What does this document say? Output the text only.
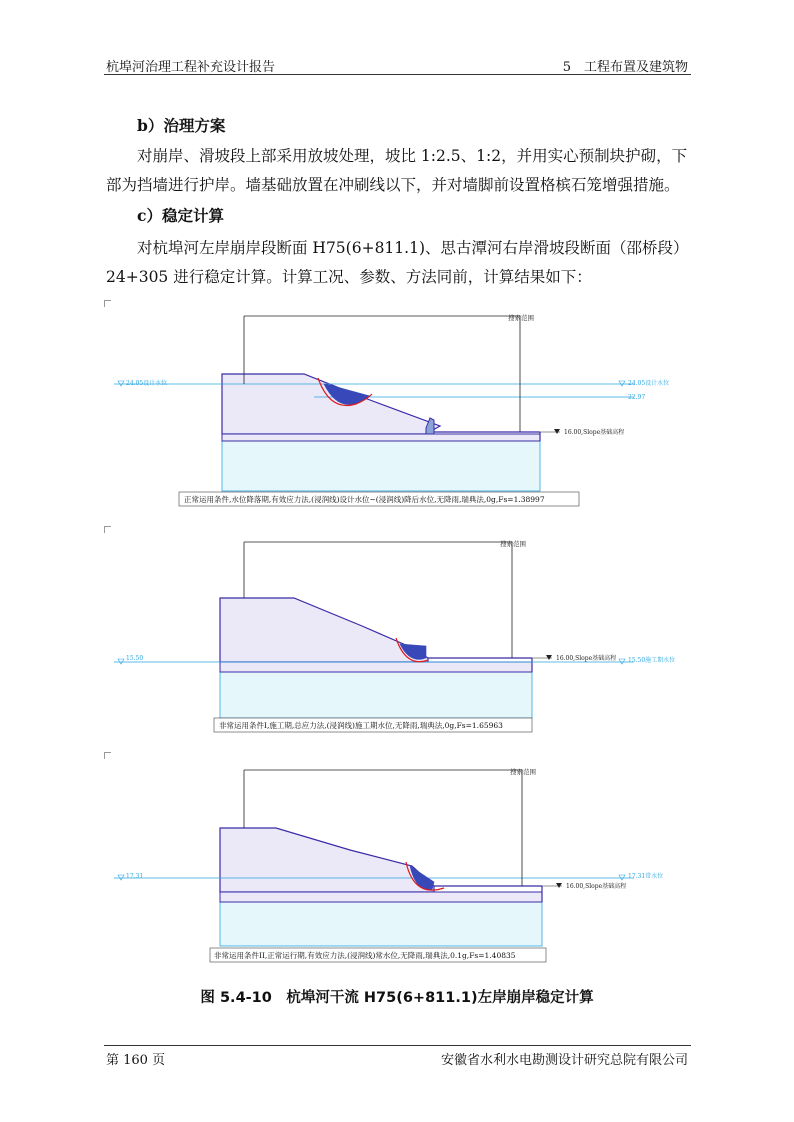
杭埠河治理工程补充设计报告	5　工程布置及建筑物
b）治理方案
　　对崩岸、滑坡段上部采用放坡处理，坡比 1:2.5、1:2，并用实心预制块护砌，下部为挡墙进行护岸。墙基础放置在冲刷线以下，并对墙脚前设置格槟石笼增强措施。
c）稳定计算
　　对杭埠河左岸崩岸段断面 H75(6+811.1)、思古潭河右岸滑坡段断面（邵桥段）24+305 进行稳定计算。计算工况、参数、方法同前，计算结果如下：
搜索范围
24.05设计水位	24.05设计水位
22.97
16.00,Slope基础高程
正常运用条件,水位降落期,有效应力法,(浸润线)设计水位~(浸润线)降后水位,无降雨,瑞典法,0g,Fs=1.38997
搜索范围
15.50	15.50施工期水位
16.00,Slope基础高程
非常运用条件I,施工期,总应力法,(浸润线)施工期水位,无降雨,瑞典法,0g,Fs=1.65963
搜索范围
17.31	17.31常水位
16.00,Slope基础高程
非常运用条件II,正常运行期,有效应力法,(浸润线)常水位,无降雨,瑞典法,0.1g,Fs=1.40835
图 5.4-10　杭埠河干流 H75(6+811.1)左岸崩岸稳定计算
第 160 页	安徽省水利水电勘测设计研究总院有限公司
